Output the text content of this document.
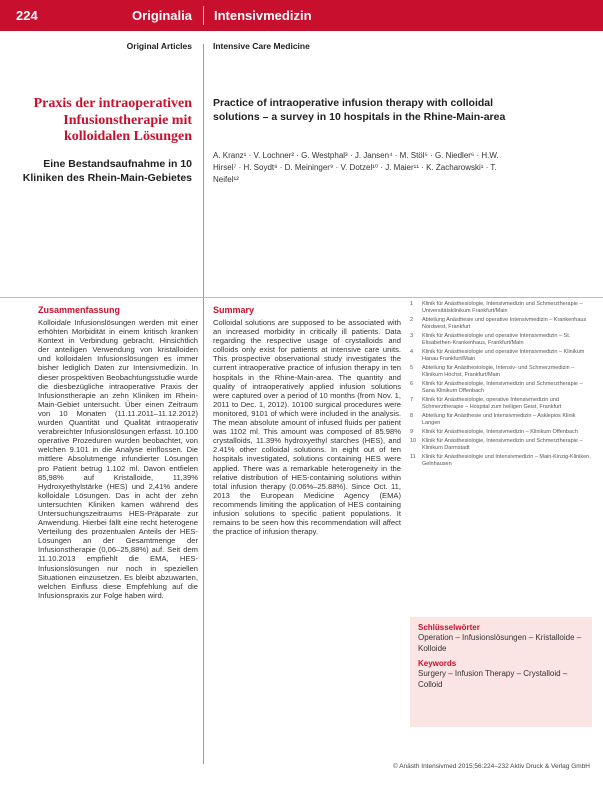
224	Originalia Intensivmedizin
Original Articles Intensive Care Medicine
Praxis der intraoperativen Infusionstherapie mit kolloidalen Lösungen
Eine Bestandsaufnahme in 10 Kliniken des Rhein-Main-Gebietes
Practice of intraoperative infusion therapy with colloidal solutions – a survey in 10 hospitals in the Rhine-Main-area

A. Kranz¹ · V. Lochner² · G. Westphal³ · J. Jansen⁴ · M. Stöl⁵ · G. Niedler⁶ · H.W. Hirsel⁷ · H. Soydt⁸ · D. Meininger⁹ · V. Dotzel¹⁰ · J. Maier¹¹ · K. Zacharowski¹ · T. Neifel¹²

Zusammenfassung

Kolloidale Infusionslösungen werden mit einer erhöhten Morbidität in einem kritisch kranken Kontext in Verbindung gebracht. Hinsichtlich der anteiligen Verwendung von kristalloiden und kolloidalen Infusionslösungen es immer bisher lediglich Daten zur Intensivmedizin. In dieser prospektiven Beobachtungsstudie wurde die diesbezügliche intraoperative Praxis der Infusionstherapie an zehn Kliniken im Rhein-Main-Gebiet untersucht. Über einen Zeitraum von 10 Monaten (11.11.2011–11.12.2012) wurden Quantität und Qualität intraoperativ verabreichter Infusionslösungen erfasst. 10.100 operative Prozeduren wurden beobachtet, von welchen 9.101 in die Analyse einflossen. Die mittlere Absolutmenge infundierter Lösungen pro Patient betrug 1.102 ml. Davon entfielen 85,98% auf Kristalloide, 11,39% Hydroxyethylstärke (HES) und 2,41% andere kolloidale Lösungen. Das in acht der zehn untersuchten Kliniken kamen während des Untersuchungszeitraums HES-Präparate zur Anwendung. Hierbei fällt eine recht heterogene Verteilung des prozentualen Anteils der HES-Lösungen an der Gesamtmenge der Infusionstherapie (0,06–25,88%) auf. Seit dem 11.10.2013 empfiehlt die EMA, HES-Infusionslösungen nur noch in speziellen Situationen einzusetzen. Es bleibt abzuwarten, welchen Einfluss diese Empfehlung auf die Infusionspraxis zur Folge haben wird.

Summary

Colloidal solutions are supposed to be associated with an increased morbidity in critically ill patients. Data regarding the respective usage of crystalloids and colloids only exist for patients at intensive care units. This prospective observational study investigates the current intraoperative practice of infusion therapy in ten hospitals in the Rhine-Main-area. The quantity and quality of intraoperatively applied infusion solutions were captured over a period of 10 months (from Nov. 1, 2011 to Dec. 1, 2012). 10100 surgical procedures were monitored, 9101 of which were included in the analysis. The mean absolute amount of infused fluids per patient was 1102 ml. This amount was composed of 85.98% crystalloids, 11.39% hydroxyethyl starches (HES), and 2.41% other colloidal solutions. In eight out of ten hospitals investigated, solutions containing HES were applied. There was a remarkable heterogeneity in the relative distribution of HES-containing solutions within total infusion therapy (0.06%–25.88%). Since Oct. 11, 2013 the European Medicine Agency (EMA) recommends limiting the application of HES containing infusion solutions to specific patient populations. It remains to be seen how this recommendation will affect the practice of infusion therapy.

1 Klinik für Anästhesiologie, Intensivmedizin und Schmerztherapie – Universitätsklinikum Frankfurt/Main
2 Abteilung Anästhesie und operative Intensivmedizin – Krankenhaus Nordwest, Frankfurt
3 Klinik für Anästhesiologie und operative Intensivmedizin – St. Elisabethen-Krankenhaus, Frankfurt/Main
4 Klinik für Anästhesiologie und operative Intensivmedizin – Klinikum Hanau Frankfurt/Main
5 Abteilung für Anästhesiologie, Intensiv- und Schmerzmedizin – Klinikum Höchst, Frankfurt/Main
6 Klinik für Anästhesiologie, Intensivmedizin und Schmerztherapie – Sana Klinikum Offenbach
7 Klinik für Anästhesiologie, operative Intensivmedizin und Schmerztherapie – Hospital zum heiligen Geist, Frankfurt
8 Abteilung für Anästhesie und Intensivmedizin – Asklepios Klinik Langen
9 Klinik für Anästhesiologie, Intensivmedizin – Klinikum Offenbach
10 Klinik für Anästhesiologie, Intensivmedizin und Schmerztherapie – Klinikum Darmstadt
11 Klinik für Anästhesiologie und Intensivmedizin – Main-Kinzig-Kliniken, Gelnhausen
Schlüsselwörter
Operation – Infusionslösungen – Kristalloide – Kolloide
Keywords
Surgery – Infusion Therapy – Crystalloid – Colloid
© Anästh Intensivmed 2015;56:224–232 Aktiv Druck & Verlag GmbH
